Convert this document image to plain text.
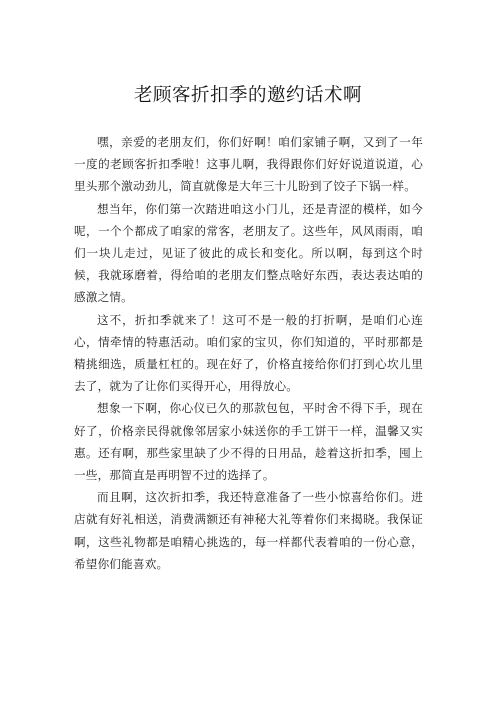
老顾客折扣季的邀约话术啊

嘿，亲爱的老朋友们，你们好啊！咱们家铺子啊，又到了一年一度的老顾客折扣季啦！这事儿啊，我得跟你们好好说道说道，心里头那个激动劲儿，简直就像是大年三十儿盼到了饺子下锅一样。

想当年，你们第一次踏进咱这小门儿，还是青涩的模样，如今呢，一个个都成了咱家的常客，老朋友了。这些年，风风雨雨，咱们一块儿走过，见证了彼此的成长和变化。所以啊，每到这个时候，我就琢磨着，得给咱的老朋友们整点啥好东西，表达表达咱的感激之情。

这不，折扣季就来了！这可不是一般的打折啊，是咱们心连心，情牵情的特惠活动。咱们家的宝贝，你们知道的，平时那都是精挑细选，质量杠杠的。现在好了，价格直接给你们打到心坎儿里去了，就为了让你们买得开心，用得放心。

想象一下啊，你心仪已久的那款包包，平时舍不得下手，现在好了，价格亲民得就像邻居家小妹送你的手工饼干一样，温馨又实惠。还有啊，那些家里缺了少不得的日用品，趁着这折扣季，囤上一些，那简直是再明智不过的选择了。

而且啊，这次折扣季，我还特意准备了一些小惊喜给你们。进店就有好礼相送，消费满额还有神秘大礼等着你们来揭晓。我保证啊，这些礼物都是咱精心挑选的，每一样都代表着咱的一份心意，希望你们能喜欢。
